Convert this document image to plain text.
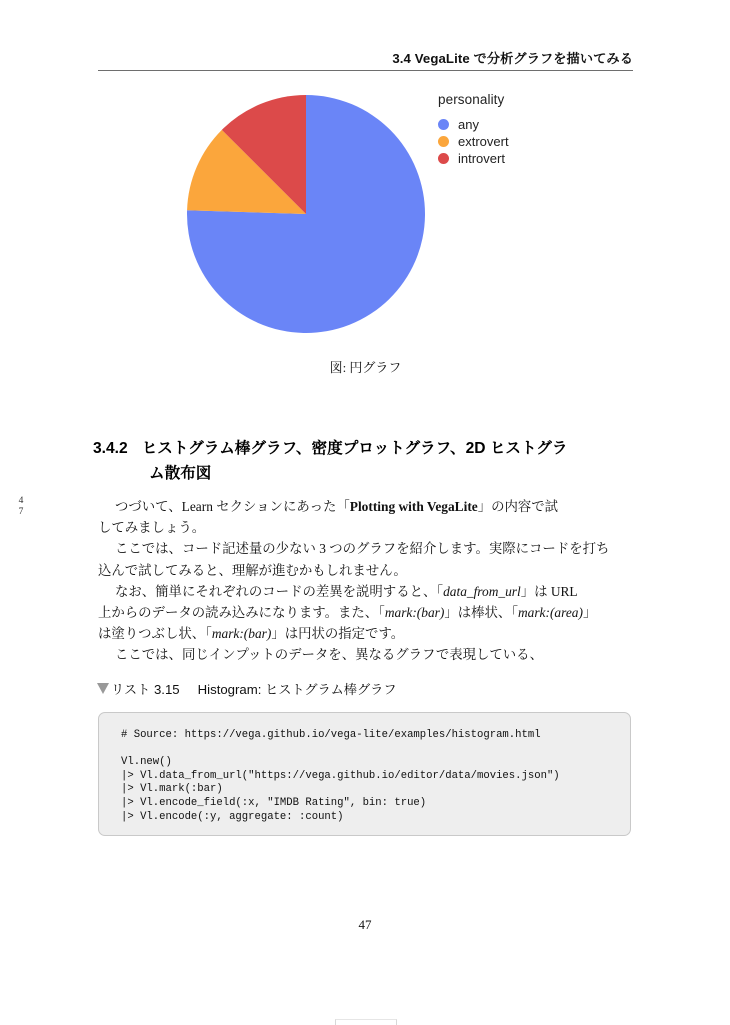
3.4 VegaLite で分析グラフを描いてみる
personality
any
extrovert
introvert
図: 円グラフ
3.4.2 ヒストグラム棒グラフ、密度プロットグラフ、2D ヒストグラ
ム散布図
4
7	つづいて、Learn セクションにあった「Plotting with VegaLite」の内容で試
してみましょう。

ここでは、コード記述量の少ない 3 つのグラフを紹介します。実際にコードを打ち
込んで試してみると、理解が進むかもしれません。

なお、簡単にそれぞれのコードの差異を説明すると、「data_from_url」は URL
上からのデータの読み込みになります。また、「mark:(bar)」は棒状、「mark:(area)」
は塗りつぶし状、「mark:(bar)」は円状の指定です。

ここでは、同じインプットのデータを、異なるグラフで表現している、

リスト 3.15 Histogram: ヒストグラム棒グラフ
# Source: https://vega.github.io/vega-lite/examples/histogram.html
Vl.new()
|> Vl.data_from_url("https://vega.github.io/editor/data/movies.json")
|> Vl.mark(:bar)
|> Vl.encode_field(:x, "IMDB Rating", bin: true)
|> Vl.encode(:y, aggregate: :count)
47
